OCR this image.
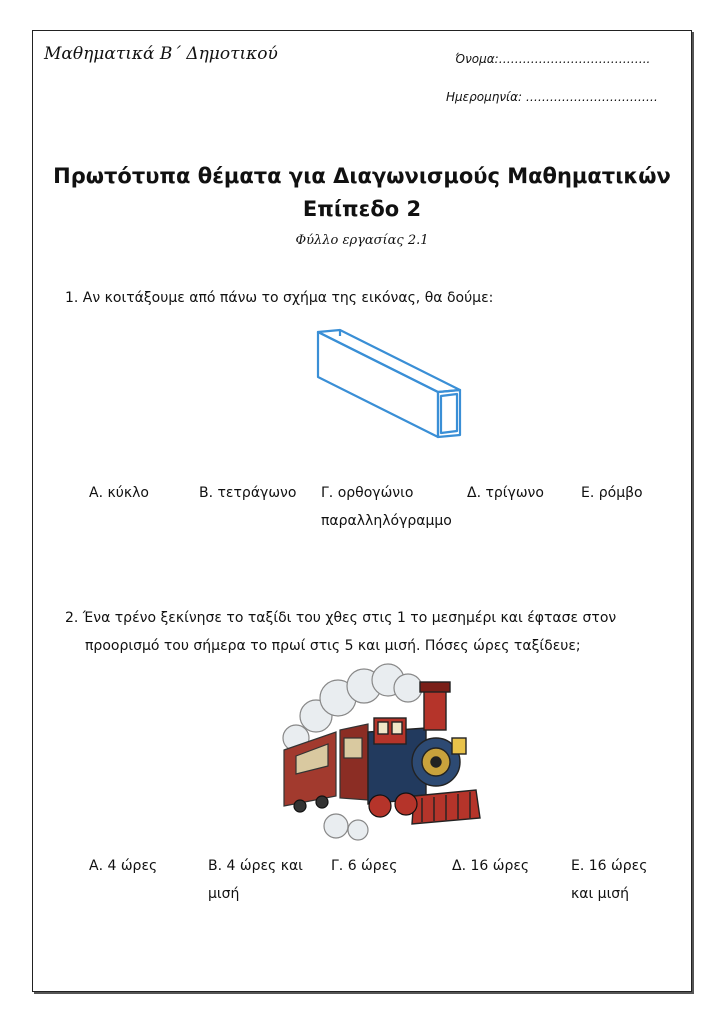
Μαθηματικά Β΄ Δημοτικού	Όνομα:………………………………..
Ημερομηνία: ……………………………
Πρωτότυπα θέματα για Διαγωνισμούς Μαθηματικών
Επίπεδο 2
Φύλλο εργασίας 2.1
1. Αν κοιτάξουμε από πάνω το σχήμα της εικόνας, θα δούμε:
Α. κύκλο	Β. τετράγωνο Γ. ορθογώνιο
παραλληλόγραμμο
Δ. τρίγωνο	Ε. ρόμβο
2. Ένα τρένο ξεκίνησε το ταξίδι του χθες στις 1 το μεσημέρι και έφτασε στον
προορισμό του σήμερα το πρωί στις 5 και μισή. Πόσες ώρες ταξίδευε;
Α. 4 ώρες	Β. 4 ώρες και
μισή
Γ. 6 ώρες	Δ. 16 ώρες	Ε. 16 ώρες
και μισή
